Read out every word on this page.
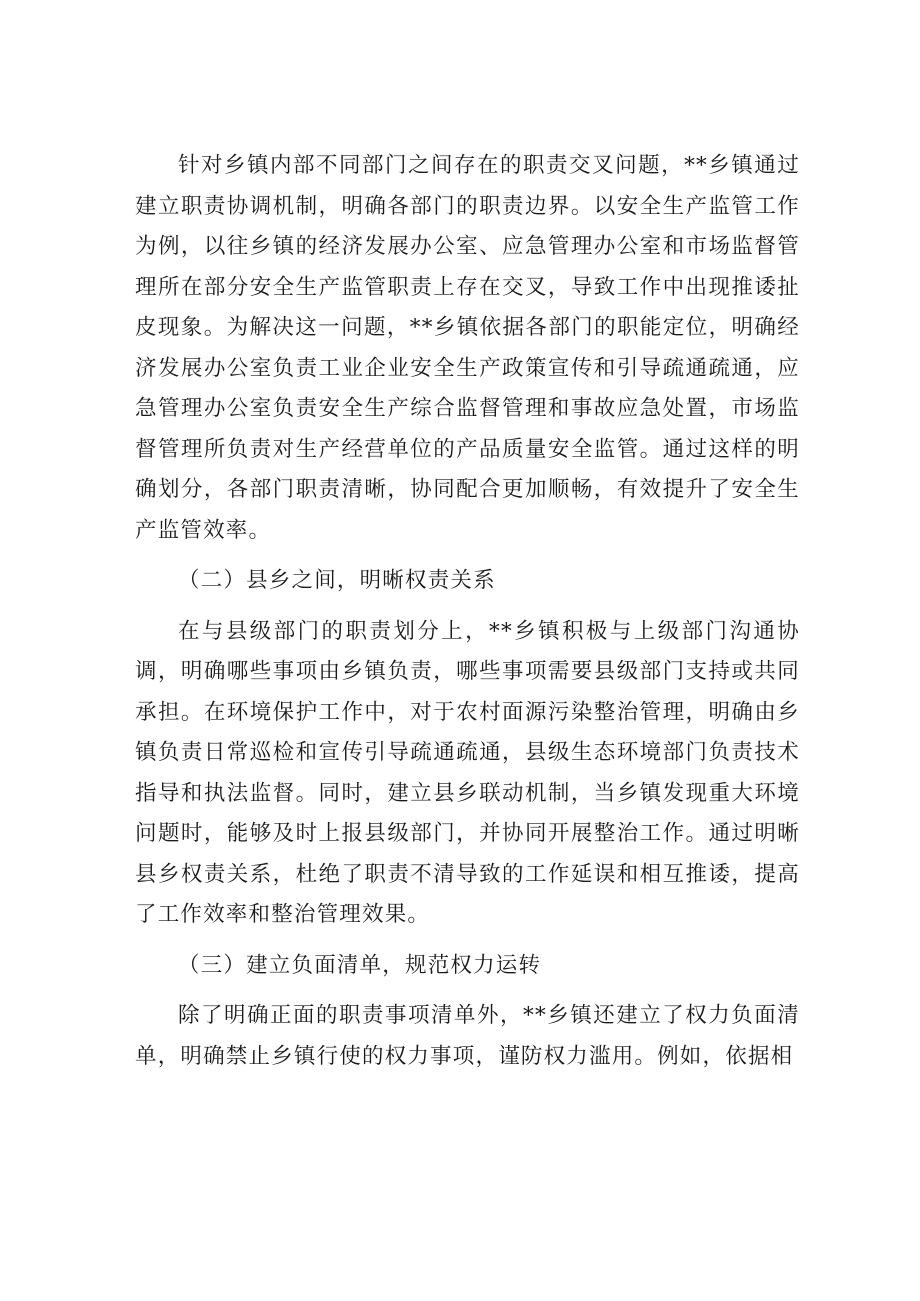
针对乡镇内部不同部门之间存在的职责交叉问题，**乡镇通过建立职责协调机制，明确各部门的职责边界。以安全生产监管工作为例，以往乡镇的经济发展办公室、应急管理办公室和市场监督管理所在部分安全生产监管职责上存在交叉，导致工作中出现推诿扯皮现象。为解决这一问题，**乡镇依据各部门的职能定位，明确经济发展办公室负责工业企业安全生产政策宣传和引导疏通疏通，应急管理办公室负责安全生产综合监督管理和事故应急处置，市场监督管理所负责对生产经营单位的产品质量安全监管。通过这样的明确划分，各部门职责清晰，协同配合更加顺畅，有效提升了安全生产监管效率。

（二）县乡之间，明晰权责关系

在与县级部门的职责划分上，**乡镇积极与上级部门沟通协调，明确哪些事项由乡镇负责，哪些事项需要县级部门支持或共同承担。在环境保护工作中，对于农村面源污染整治管理，明确由乡镇负责日常巡检和宣传引导疏通疏通，县级生态环境部门负责技术指导和执法监督。同时，建立县乡联动机制，当乡镇发现重大环境问题时，能够及时上报县级部门，并协同开展整治工作。通过明晰县乡权责关系，杜绝了职责不清导致的工作延误和相互推诿，提高了工作效率和整治管理效果。

（三）建立负面清单，规范权力运转

除了明确正面的职责事项清单外，**乡镇还建立了权力负面清单，明确禁止乡镇行使的权力事项，谨防权力滥用。例如，依据相
